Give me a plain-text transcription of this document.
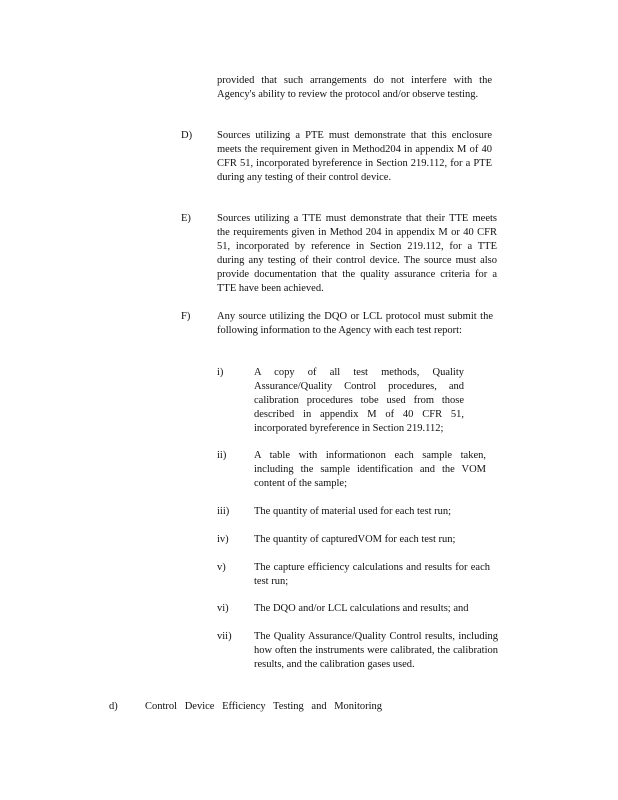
provided that such arrangements do not interfere with the Agency's ability to review the protocol and/or observe testing.
D) Sources utilizing a PTE must demonstrate that this enclosure meets the requirement given in Method204 in appendix M of 40 CFR 51, incorporated byreference in Section 219.112, for a PTE during any testing of their control device.
E) Sources utilizing a TTE must demonstrate that their TTE meets the requirements given in Method 204 in appendix M or 40 CFR 51, incorporated by reference in Section 219.112, for a TTE during any testing of their control device. The source must also provide documentation that the quality assurance criteria for a TTE have been achieved.
F)	Any source utilizing the DQO or LCL protocol must submit the following information to the Agency with each test report:
i)	A copy of all test methods, Quality Assurance/Quality Control procedures, and calibration procedures tobe used from those described in appendix M of 40 CFR 51, incorporated byreference in Section 219.112;
ii)	A table with informationon each sample taken, including the sample identification and the VOM content of the sample;
iii) The quantity of material used for each test run;
iv) The quantity of capturedVOM for each test run;
v)	The capture efficiency calculations and results for each test run;
vi) The DQO and/or LCL calculations and results; and
vii) The Quality Assurance/Quality Control results, including how often the instruments were calibrated, the calibration results, and the calibration gases used.
d)	Control Device Efficiency Testing and Monitoring
